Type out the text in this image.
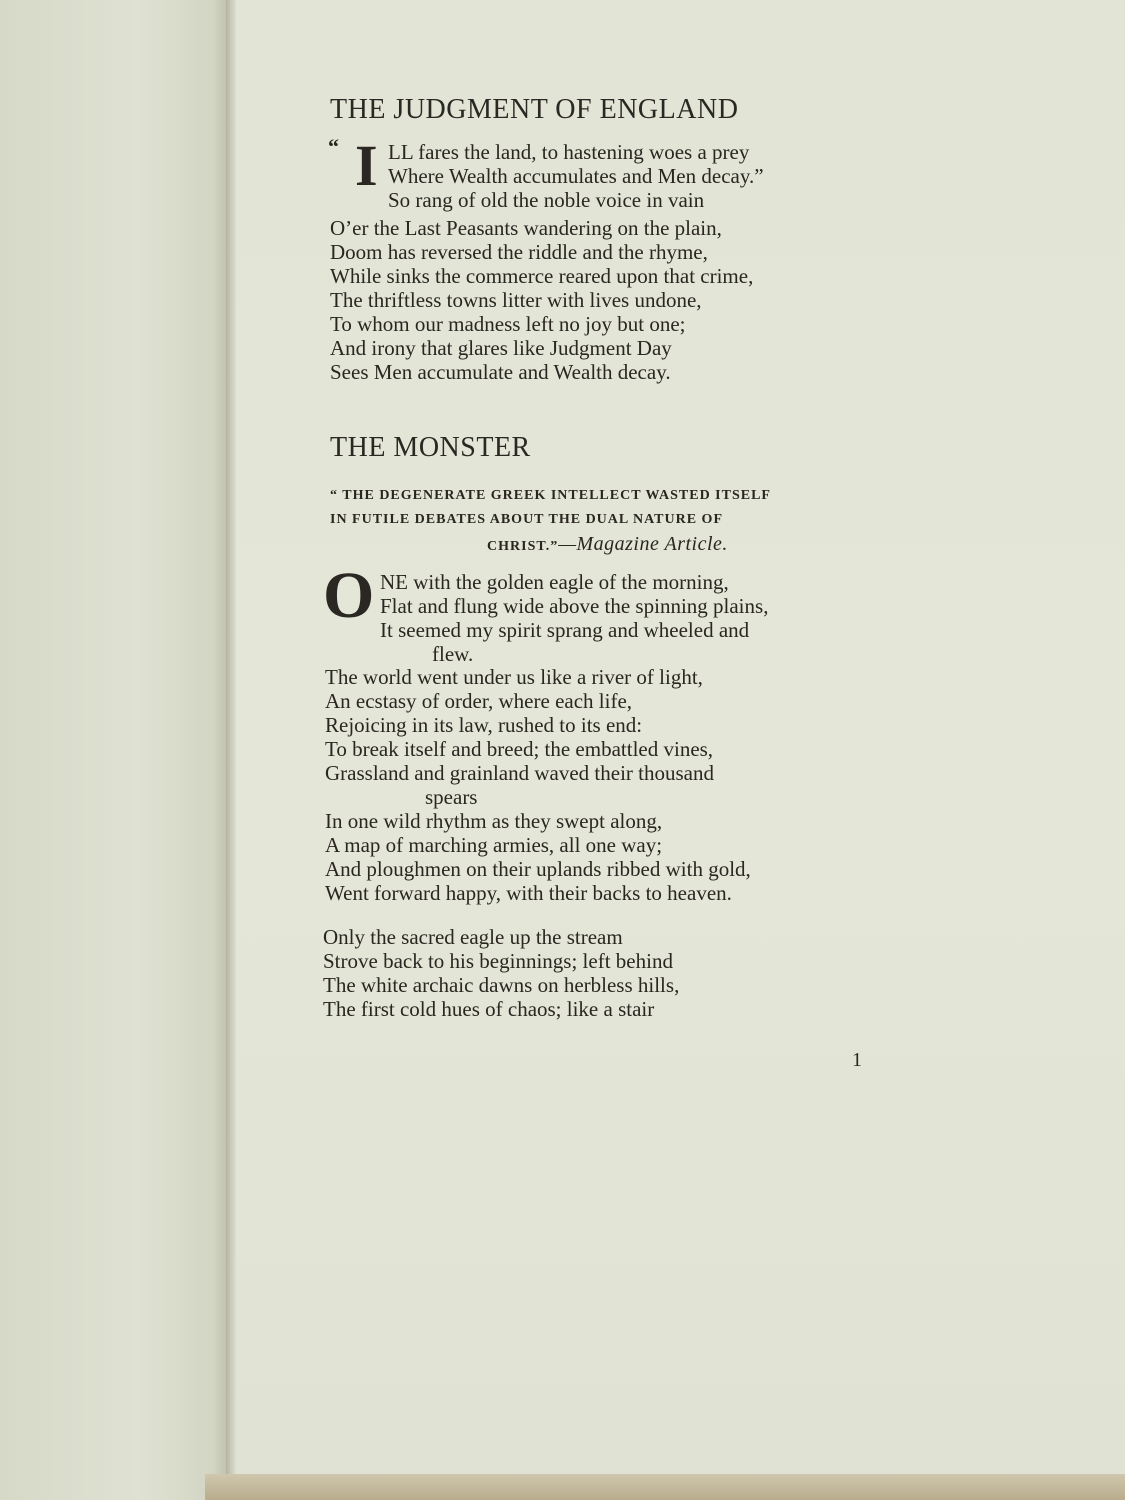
THE JUDGMENT OF ENGLAND
“ I LL fares the land, to hastening woes a prey
Where Wealth accumulates and Men decay.”
So rang of old the noble voice in vain
O’er the Last Peasants wandering on the plain,
Doom has reversed the riddle and the rhyme,
While sinks the commerce reared upon that crime,
The thriftless towns litter with lives undone,
To whom our madness left no joy but one;
And irony that glares like Judgment Day
Sees Men accumulate and Wealth decay.
THE MONSTER
“ THE DEGENERATE GREEK INTELLECT WASTED ITSELF
IN FUTILE DEBATES ABOUT THE DUAL NATURE OF
CHRIST.”—Magazine Article.
O NE with the golden eagle of the morning,
Flat and flung wide above the spinning plains,
It seemed my spirit sprang and wheeled and
flew.
The world went under us like a river of light,
An ecstasy of order, where each life,
Rejoicing in its law, rushed to its end:
To break itself and breed; the embattled vines,
Grassland and grainland waved their thousand
spears
In one wild rhythm as they swept along,
A map of marching armies, all one way;
And ploughmen on their uplands ribbed with gold,
Went forward happy, with their backs to heaven.
Only the sacred eagle up the stream
Strove back to his beginnings; left behind
The white archaic dawns on herbless hills,
The first cold hues of chaos; like a stair
1
